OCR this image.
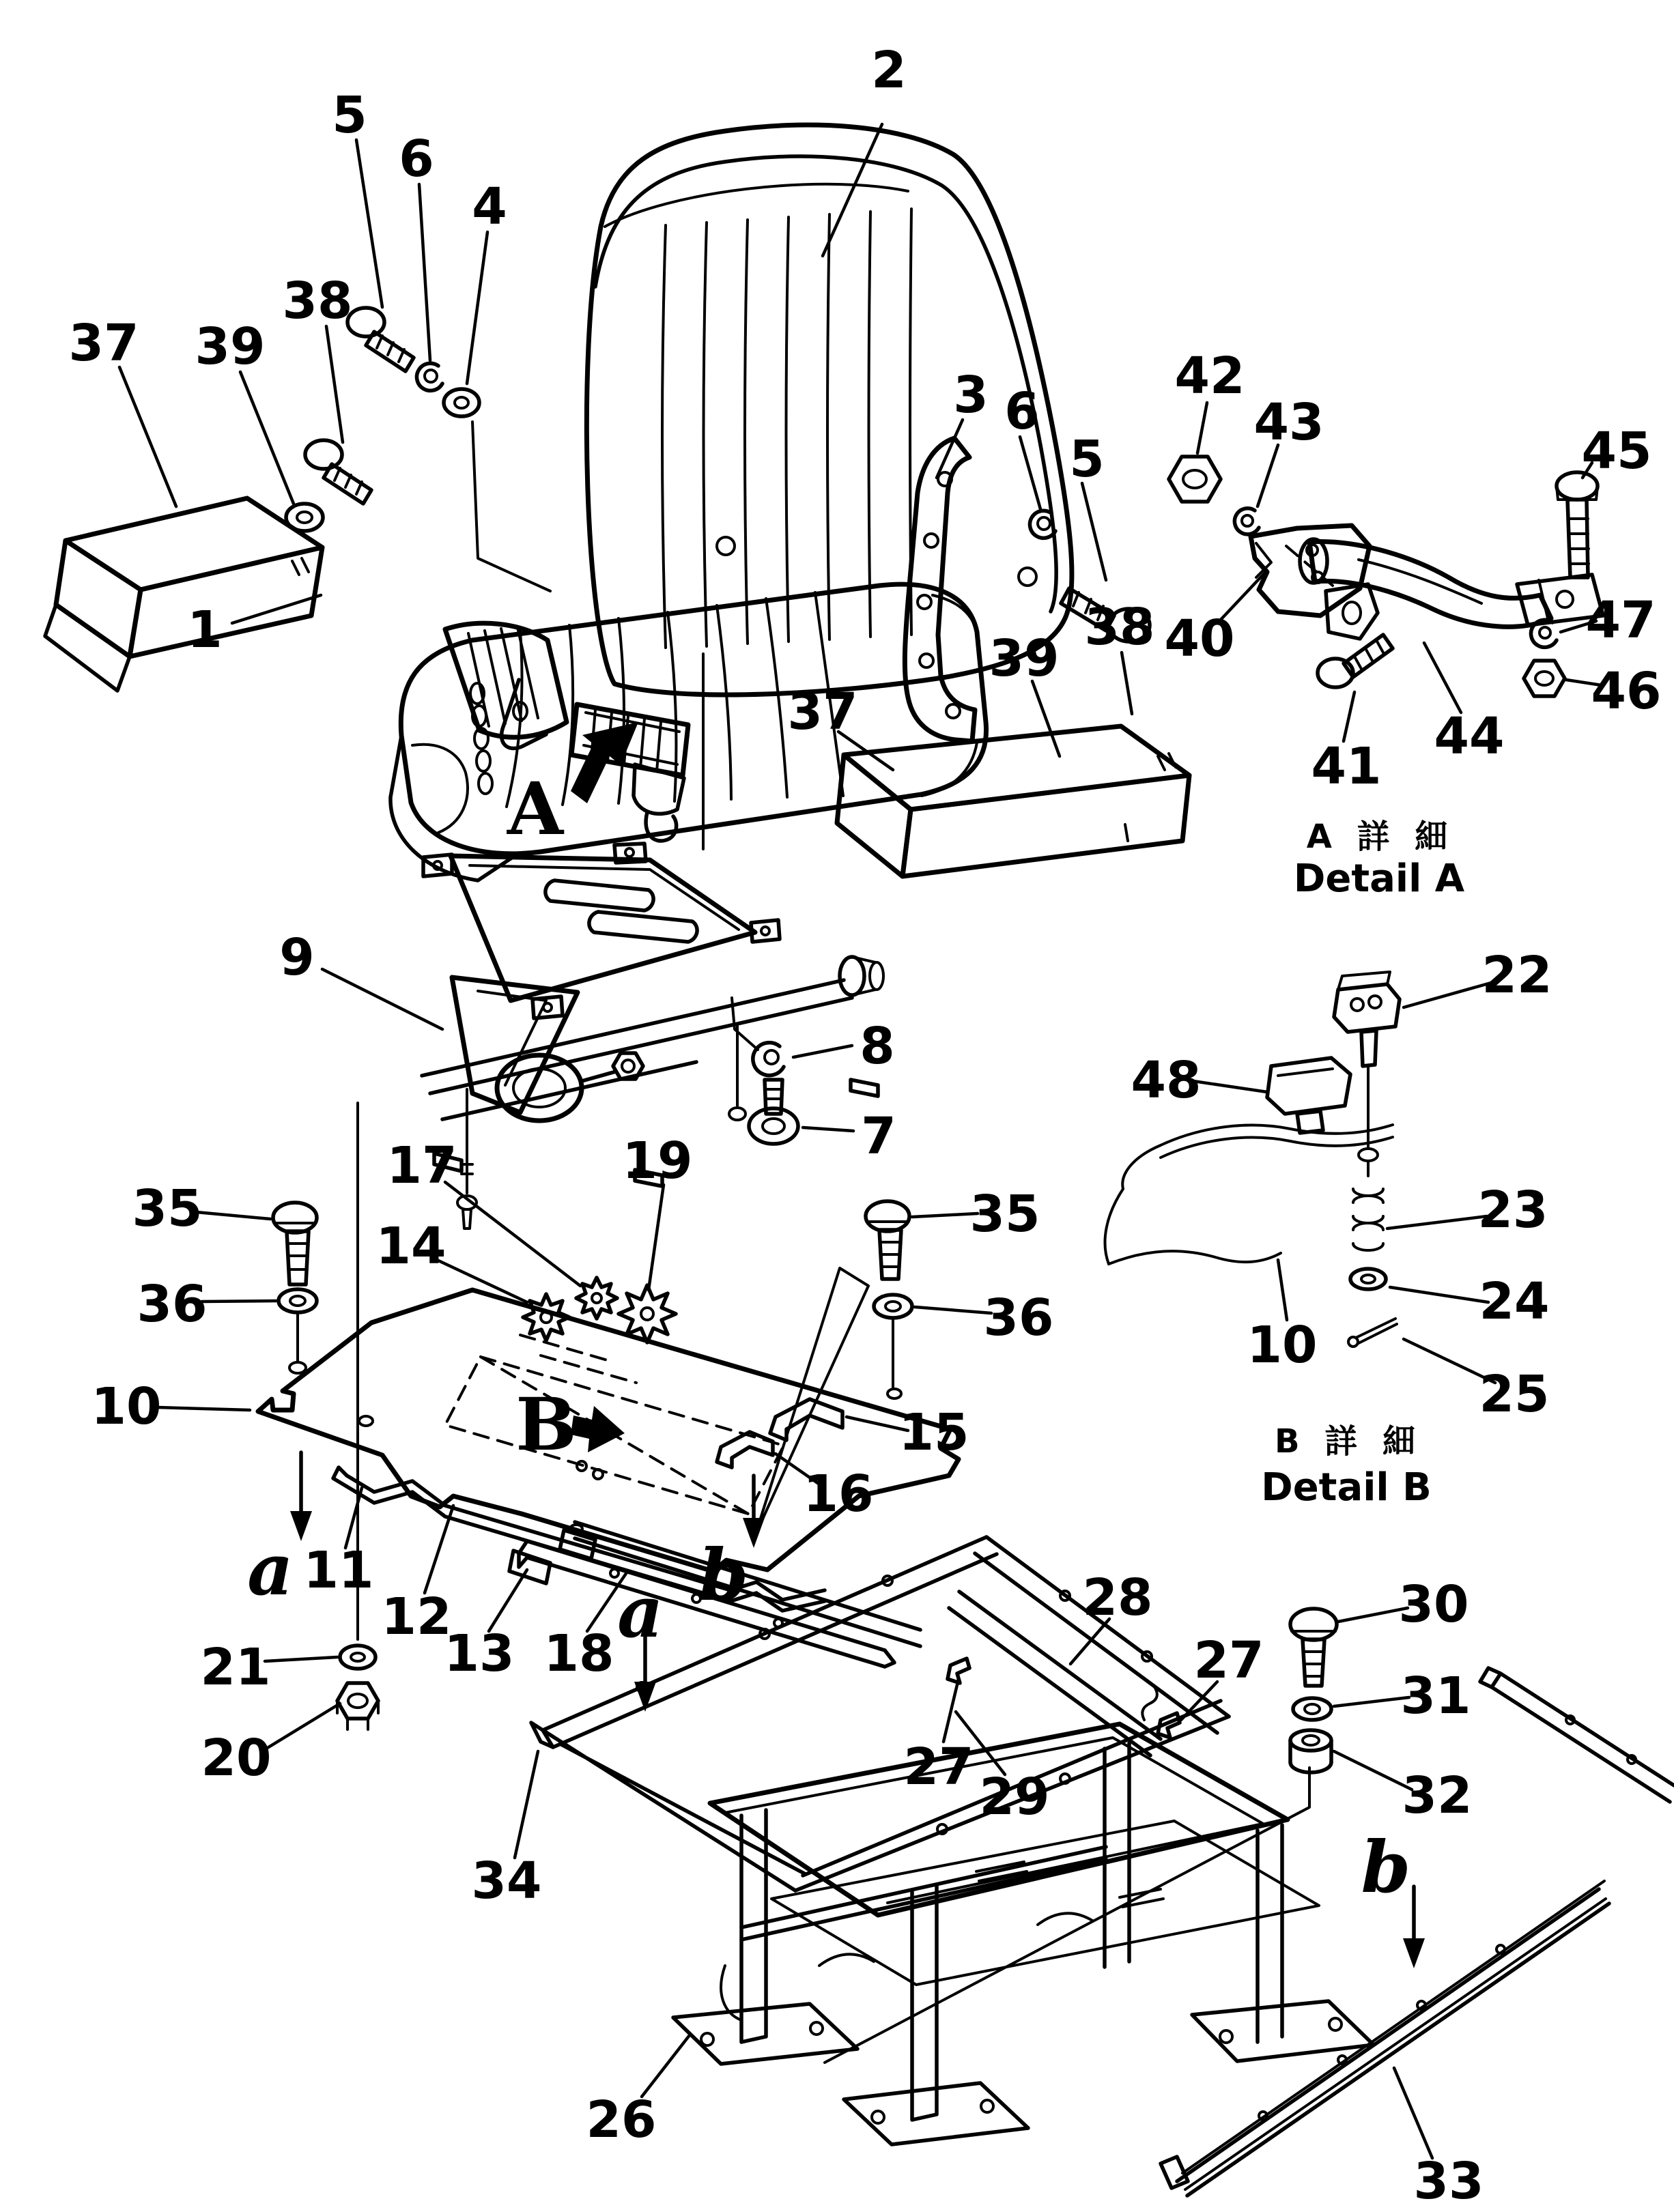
1
2
5
6
4
38
37 39
3 6
5
42
43	45
47
46
38 40
39
37
41
44
9
8
7
22
48
23
24
10
25
35
36
17
14
19
35
36
10	15
16
11
12
13 18
21
20
28
27
30
31
32
27
29
34
26
33
A
B
a
a b
b
A 詳 細
Detail A
B 詳 細
Detail B
